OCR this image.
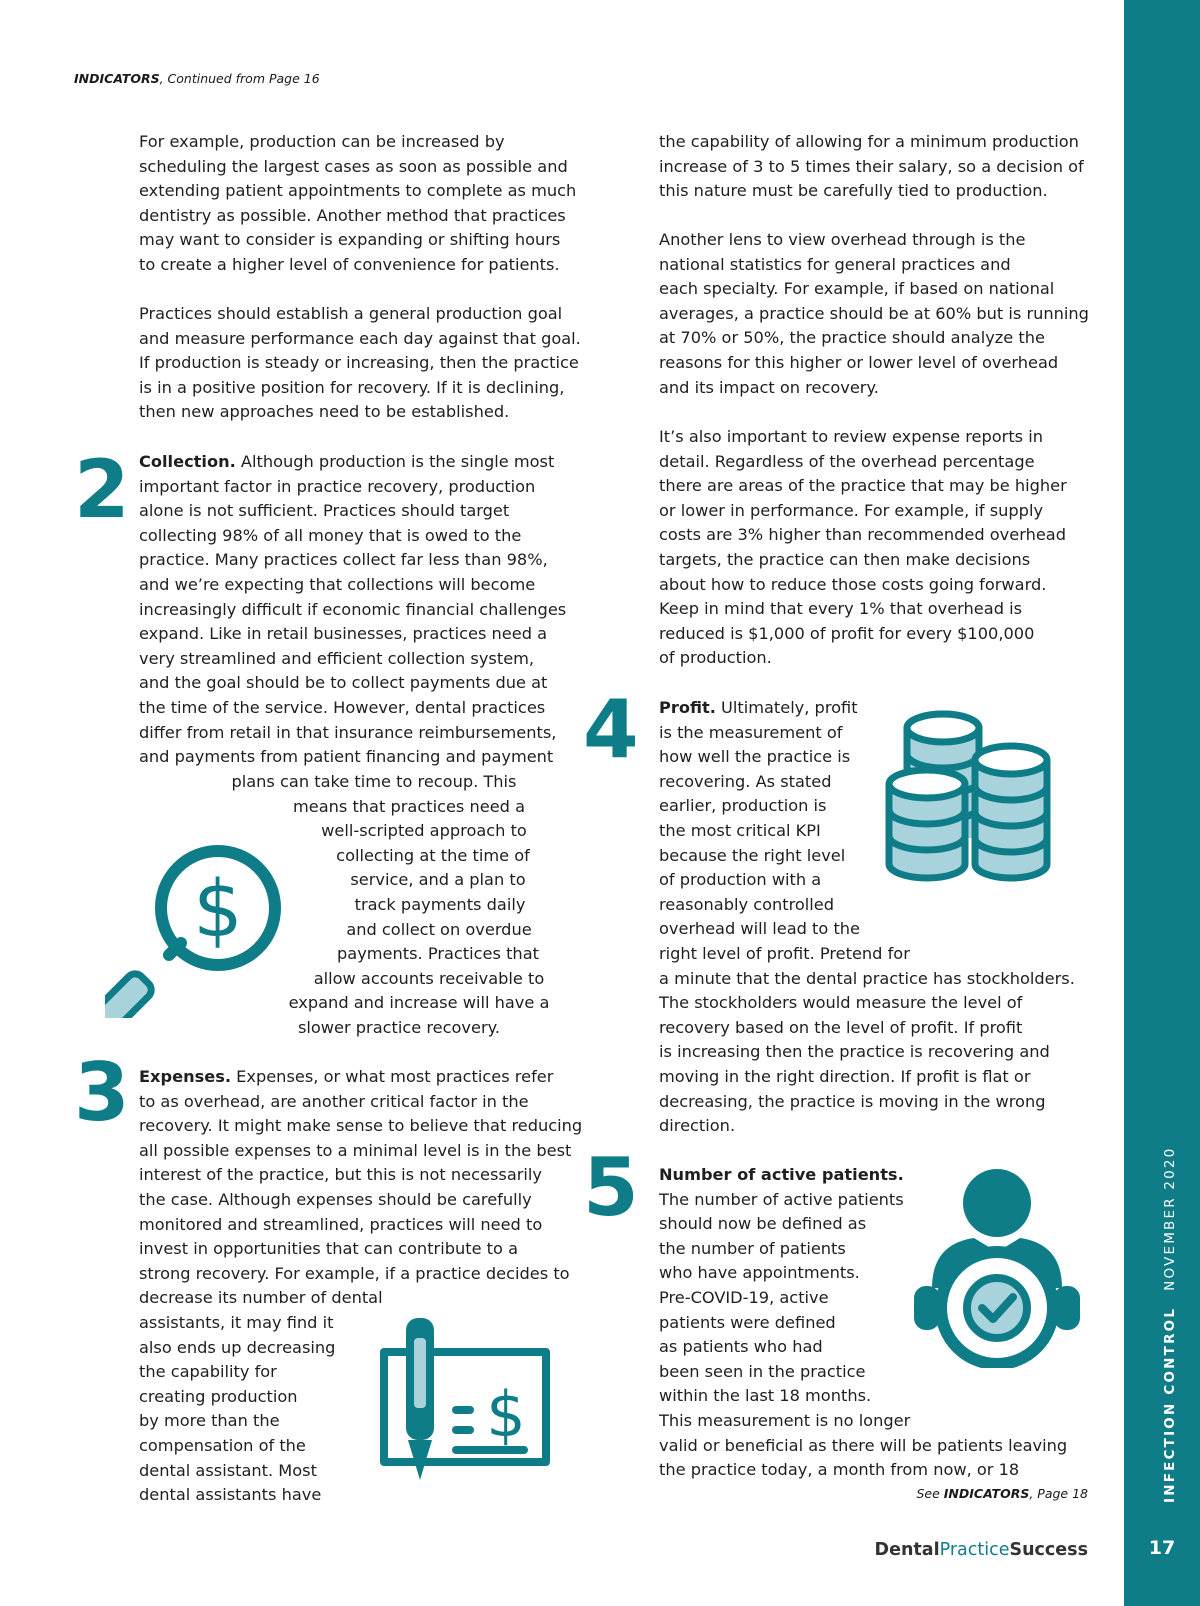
INFECTION CONTROLNOVEMBER 2020
17
DentalPracticeSuccess
INDICATORS, Continued from Page 16
2
3
4
5
For example, production can be increased by
scheduling the largest cases as soon as possible and
extending patient appointments to complete as much
dentistry as possible. Another method that practices
may want to consider is expanding or shifting hours
to create a higher level of convenience for patients.
Practices should establish a general production goal
and measure performance each day against that goal.
If production is steady or increasing, then the practice
is in a positive position for recovery. If it is declining,
then new approaches need to be established.
Collection. Although production is the single most
important factor in practice recovery, production
alone is not sufficient. Practices should target
collecting 98% of all money that is owed to the
practice. Many practices collect far less than 98%,
and we’re expecting that collections will become
increasingly difficult if economic financial challenges
expand. Like in retail businesses, practices need a
very streamlined and efficient collection system,
and the goal should be to collect payments due at
the time of the service. However, dental practices
differ from retail in that insurance reimbursements,
and payments from patient financing and payment
plans can take time to recoup. This
means that practices need a
well-scripted approach to
collecting at the time of
service, and a plan to
track payments daily
and collect on overdue
payments. Practices that
allow accounts receivable to
expand and increase will have a
slower practice recovery.
Expenses. Expenses, or what most practices refer
to as overhead, are another critical factor in the
recovery. It might make sense to believe that reducing
all possible expenses to a minimal level is in the best
interest of the practice, but this is not necessarily
the case. Although expenses should be carefully
monitored and streamlined, practices will need to
invest in opportunities that can contribute to a
strong recovery. For example, if a practice decides to
decrease its number of dental
assistants, it may find it
also ends up decreasing
the capability for
creating production
by more than the
compensation of the
dental assistant. Most
dental assistants have
the capability of allowing for a minimum production
increase of 3 to 5 times their salary, so a decision of
this nature must be carefully tied to production.
Another lens to view overhead through is the
national statistics for general practices and
each specialty. For example, if based on national
averages, a practice should be at 60% but is running
at 70% or 50%, the practice should analyze the
reasons for this higher or lower level of overhead
and its impact on recovery.
It’s also important to review expense reports in
detail. Regardless of the overhead percentage
there are areas of the practice that may be higher
or lower in performance. For example, if supply
costs are 3% higher than recommended overhead
targets, the practice can then make decisions
about how to reduce those costs going forward.
Keep in mind that every 1% that overhead is
reduced is $1,000 of profit for every $100,000
of production.
Profit. Ultimately, profit
is the measurement of
how well the practice is
recovering. As stated
earlier, production is
the most critical KPI
because the right level
of production with a
reasonably controlled
overhead will lead to the
right level of profit. Pretend for
a minute that the dental practice has stockholders.
The stockholders would measure the level of
recovery based on the level of profit. If profit
is increasing then the practice is recovering and
moving in the right direction. If profit is flat or
decreasing, the practice is moving in the wrong
direction.
Number of active patients.
The number of active patients
should now be defined as
the number of patients
who have appointments.
Pre-COVID-19, active
patients were defined
as patients who had
been seen in the practice
within the last 18 months.
This measurement is no longer
valid or beneficial as there will be patients leaving
the practice today, a month from now, or 18
See INDICATORS, Page 18
$
$
